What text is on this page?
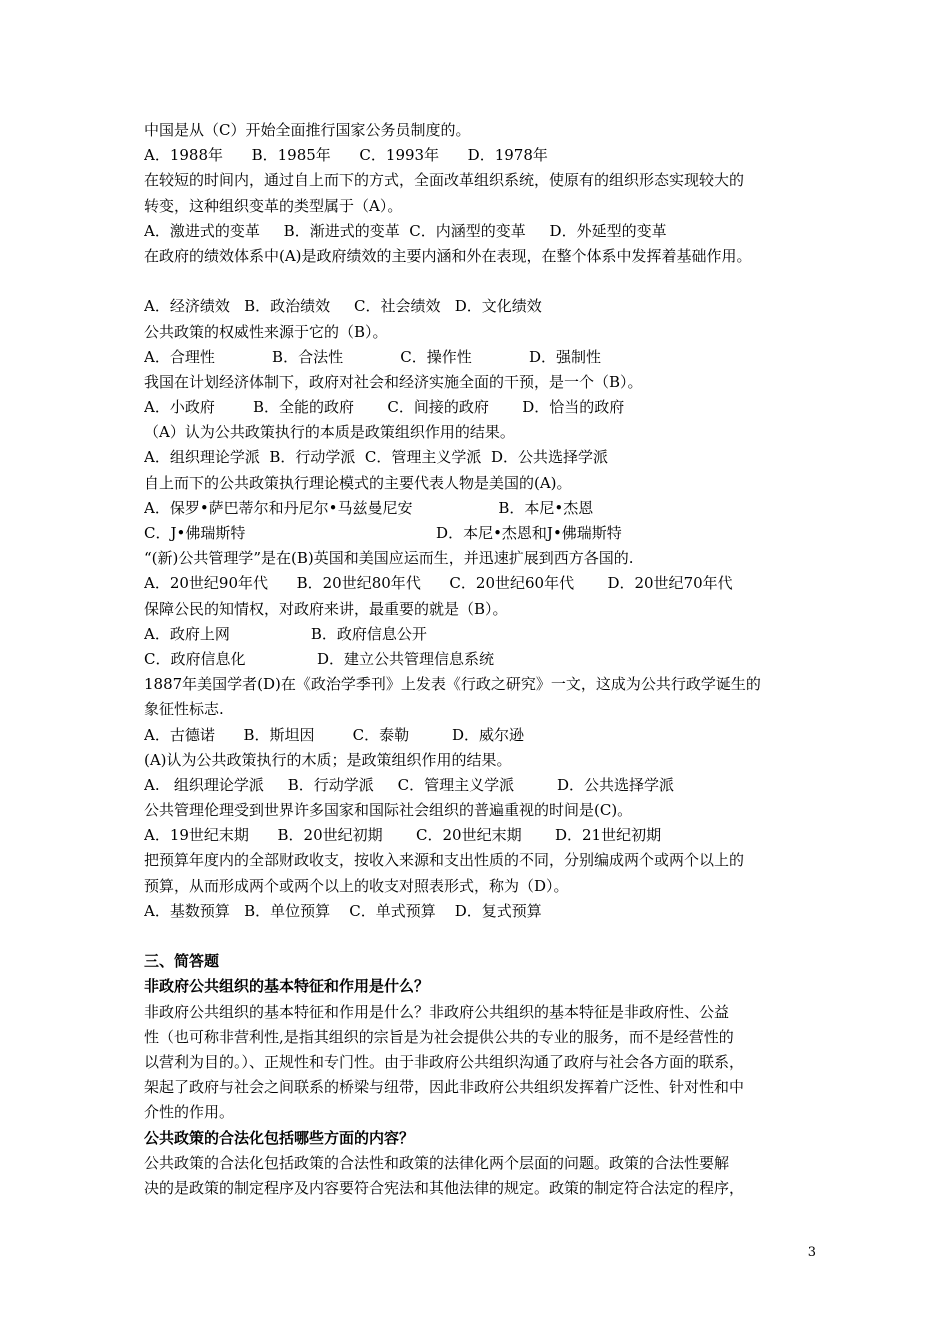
中国是从（C）开始全面推行国家公务员制度的。
A．1988年      B．1985年      C．1993年      D．1978年
在较短的时间内，通过自上而下的方式，全面改革组织系统，使原有的组织形态实现较大的
转变，这种组织变革的类型属于（A）。
A．激进式的变革     B．渐进式的变革  C．内涵型的变革     D．外延型的变革
在政府的绩效体系中(A)是政府绩效的主要内涵和外在表现，在整个体系中发挥着基础作用。
A．经济绩效   B．政治绩效     C．社会绩效   D．文化绩效
公共政策的权威性来源于它的（B）。
A．合理性            B．合法性            C．操作性            D．强制性
我国在计划经济体制下，政府对社会和经济实施全面的干预，是一个（B）。
A．小政府        B．全能的政府       C．间接的政府       D．恰当的政府
（A）认为公共政策执行的本质是政策组织作用的结果。
A．组织理论学派  B．行动学派  C．管理主义学派  D．公共选择学派
自上而下的公共政策执行理论模式的主要代表人物是美国的(A)。
A．保罗•萨巴蒂尔和丹尼尔•马兹曼尼安                  B．本尼•杰恩
C．J•佛瑞斯特                                        D．本尼•杰恩和J•佛瑞斯特
“(新)公共管理学”是在(B)英国和美国应运而生，并迅速扩展到西方各国的.
A．20世纪90年代      B．20世纪80年代      C．20世纪60年代       D．20世纪70年代
保障公民的知情权，对政府来讲，最重要的就是（B）。
A．政府上网                 B．政府信息公开
C．政府信息化               D．建立公共管理信息系统
1887年美国学者(D)在《政治学季刊》上发表《行政之研究》一文，这成为公共行政学诞生的
象征性标志.
A．古德诺      B．斯坦因        C．泰勒         D．威尔逊
(A)认为公共政策执行的木质；是政策组织作用的结果。
A.   组织理论学派     B．行动学派     C．管理主义学派         D．公共选择学派
公共管理伦理受到世界许多国家和国际社会组织的普遍重视的时间是(C)。
A．19世纪末期      B．20世纪初期       C．20世纪末期       D．21世纪初期
把预算年度内的全部财政收支，按收入来源和支出性质的不同，分别编成两个或两个以上的
预算，从而形成两个或两个以上的收支对照表形式，称为（D）。
A．基数预算   B．单位预算    C．单式预算    D．复式预算
三、简答题
非政府公共组织的基本特征和作用是什么？
非政府公共组织的基本特征和作用是什么？非政府公共组织的基本特征是非政府性、公益
性（也可称非营利性,是指其组织的宗旨是为社会提供公共的专业的服务，而不是经营性的
以营利为目的。）、正规性和专门性。由于非政府公共组织沟通了政府与社会各方面的联系，
架起了政府与社会之间联系的桥梁与纽带，因此非政府公共组织发挥着广泛性、针对性和中
介性的作用。
公共政策的合法化包括哪些方面的内容？
公共政策的合法化包括政策的合法性和政策的法律化两个层面的问题。政策的合法性要解
决的是政策的制定程序及内容要符合宪法和其他法律的规定。政策的制定符合法定的程序，
3
